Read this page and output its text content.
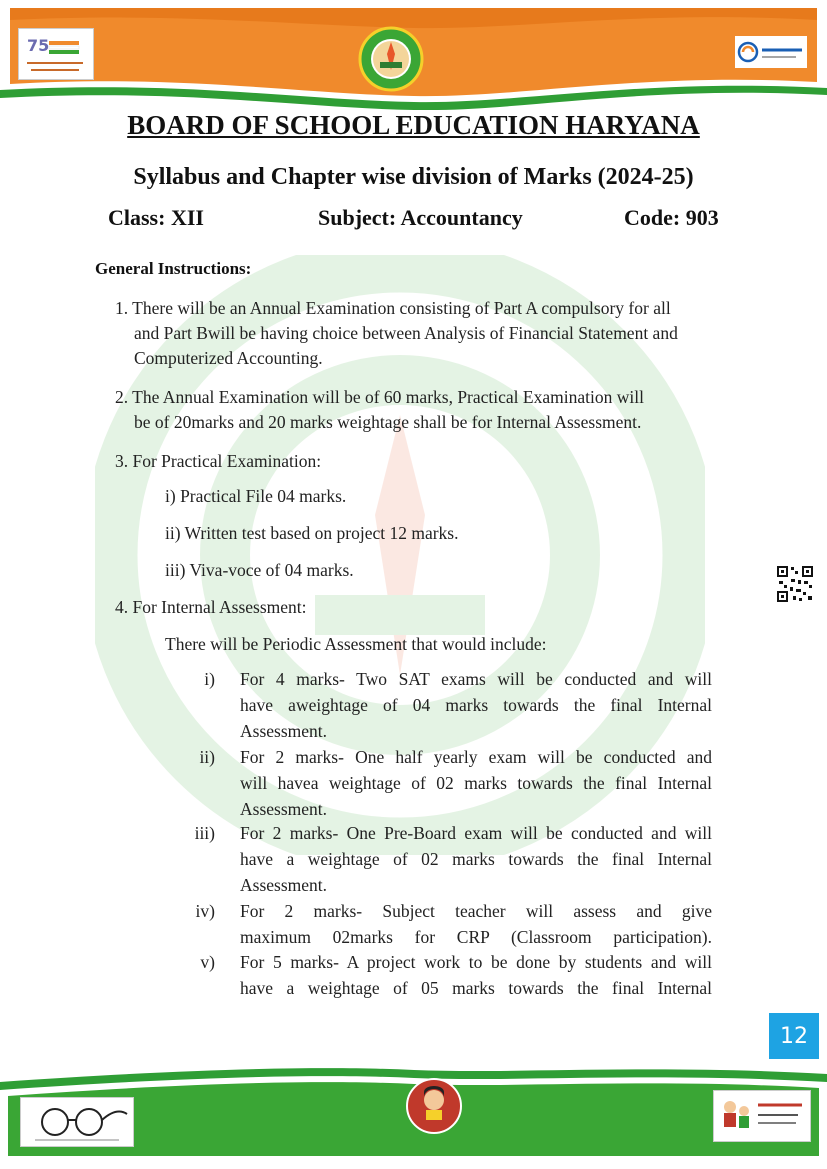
75
BOARD OF SCHOOL EDUCATION HARYANA
Syllabus and Chapter wise division of Marks (2024-25)
Class: XII	Subject: Accountancy	Code: 903
General Instructions:
1. There will be an Annual Examination consisting of Part A compulsory for all
and Part Bwill be having choice between Analysis of Financial Statement and
Computerized Accounting.
2. The Annual Examination will be of 60 marks, Practical Examination will
be of 20marks and 20 marks weightage shall be for Internal Assessment.
3. For Practical Examination:
i) Practical File 04 marks.
ii) Written test based on project 12 marks.
iii) Viva-voce of 04 marks.
4. For Internal Assessment:
There will be Periodic Assessment that would include:
i) For 4 marks- Two SAT exams will be conducted and will
have aweightage of 04 marks towards the final Internal
Assessment.
ii) For 2 marks- One half yearly exam will be conducted and
will havea weightage of 02 marks towards the final Internal
Assessment.
iii) For 2 marks- One Pre-Board exam will be conducted and will
have a weightage of 02 marks towards the final Internal
Assessment.
iv) For 2 marks- Subject teacher will assess and give
maximum 02marks for CRP (Classroom participation).
v) For 5 marks- A project work to be done by students and will
have a weightage of 05 marks towards the final Internal
12
